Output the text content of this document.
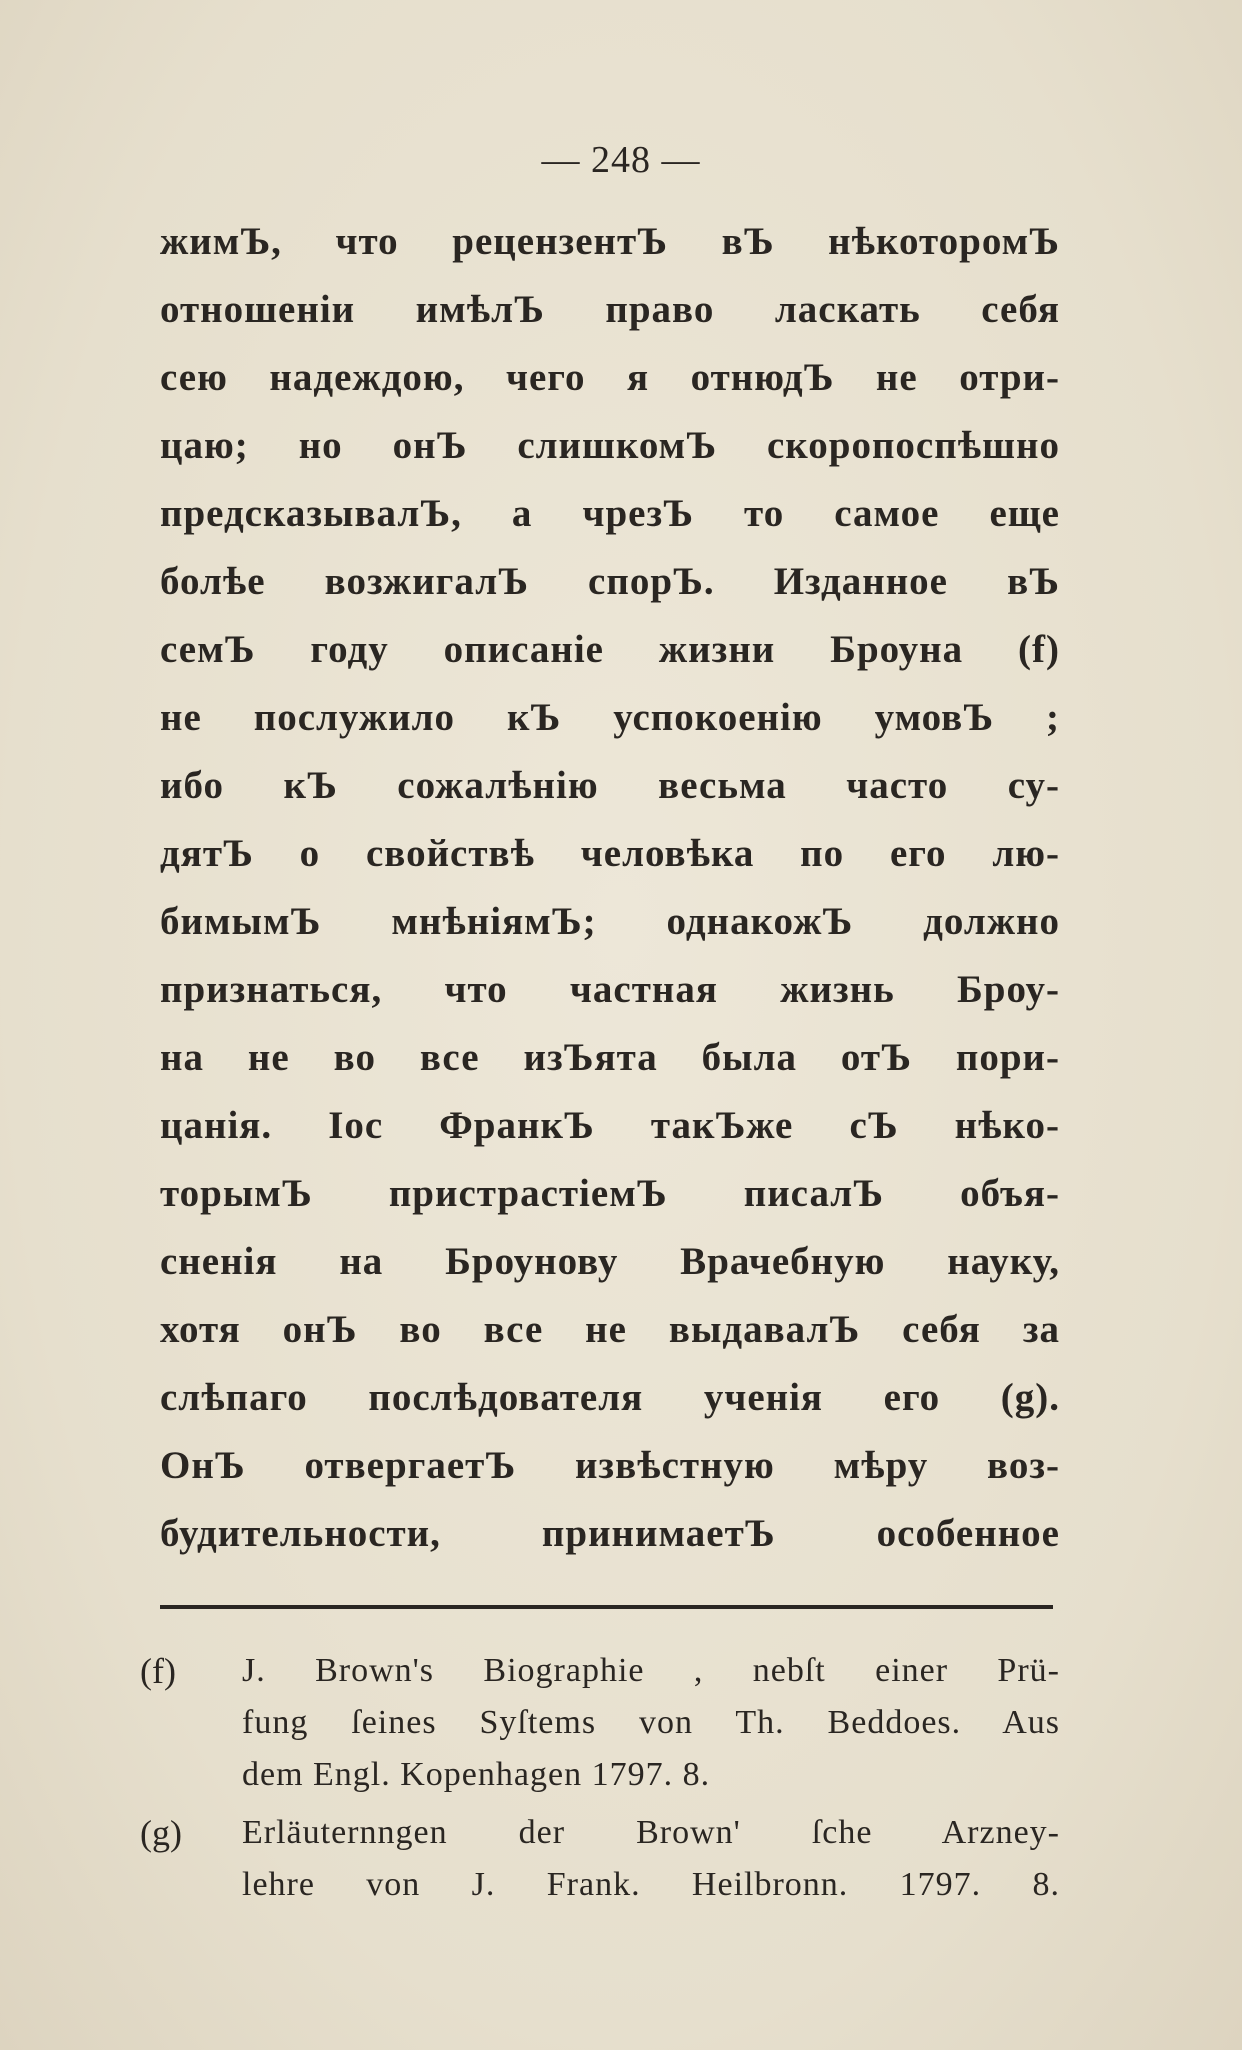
— 248 —
жимЪ, что рецензентЪ вЪ нѣкоторомЪ
отношеніи имѣлЪ право ласкать себя
сею надеждою, чего я отнюдЪ не отри-
цаю; но онЪ слишкомЪ скоропоспѣшно
предсказывалЪ, а чрезЪ то самое еще
болѣе возжигалЪ спорЪ. Изданное вЪ
семЪ году описаніе жизни Броуна (f)
не послужило кЪ успокоенію умовЪ ;
ибо кЪ сожалѣнію весьма часто су-
дятЪ о свойствѣ человѣка по его лю-
бимымЪ мнѣніямЪ; однакожЪ должно
признаться, что частная жизнь Броу-
на не во все изЪята была отЪ пори-
цанія. Іос ФранкЪ такЪже сЪ нѣко-
торымЪ пристрастіемЪ писалЪ объя-
сненія на Броунову Врачебную науку,
хотя онЪ во все не выдавалЪ себя за
слѣпаго послѣдователя ученія его (g).
ОнЪ отвергаетЪ извѣстную мѣру воз-
будительности, принимаетЪ особенное
(f) J. Brown's Biographie , nebſt einer Prü-
fung ſeines Syſtems von Th. Beddoes. Aus
dem Engl. Kopenhagen 1797. 8.
(g) Erläuternngen der Brown' ſche Arzney-
lehre von J. Frank. Heilbronn. 1797. 8.
